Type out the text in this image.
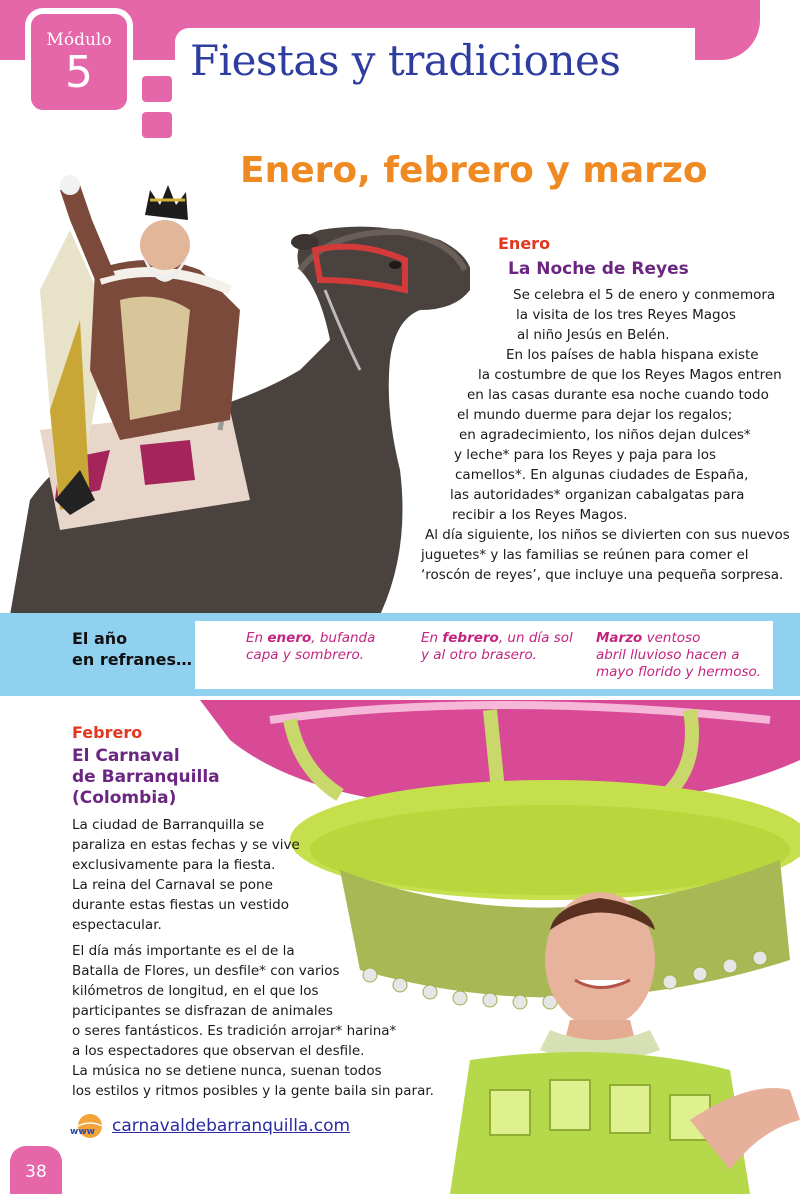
Módulo
5	Fiestas y tradiciones
Enero, febrero y marzo
Enero
La Noche de Reyes
Se celebra el 5 de enero y conmemora
la visita de los tres Reyes Magos
al niño Jesús en Belén.
En los países de habla hispana existe
la costumbre de que los Reyes Magos entren
en las casas durante esa noche cuando todo
el mundo duerme para dejar los regalos;
en agradecimiento, los niños dejan dulces*
y leche* para los Reyes y paja para los
camellos*. En algunas ciudades de España,
las autoridades* organizan cabalgatas para
recibir a los Reyes Magos.
Al día siguiente, los niños se divierten con sus nuevos
juguetes* y las familias se reúnen para comer el
‘roscón de reyes’, que incluye una pequeña sorpresa.
El año
en refranes…
En enero, bufanda
capa y sombrero.
En febrero, un día sol
y al otro brasero.
Marzo ventoso
abril lluvioso hacen a
mayo florido y hermoso.
Febrero
El Carnaval
de Barranquilla
(Colombia)
La ciudad de Barranquilla se
paraliza en estas fechas y se vive
exclusivamente para la fiesta.
La reina del Carnaval se pone
durante estas fiestas un vestido
espectacular.
El día más importante es el de la
Batalla de Flores, un desfile* con varios
kilómetros de longitud, en el que los
participantes se disfrazan de animales
o seres fantásticos. Es tradición arrojar* harina*
a los espectadores que observan el desfile.
La música no se detiene nunca, suenan todos
los estilos y ritmos posibles y la gente baila sin parar.
www carnavaldebarranquilla.com
38
